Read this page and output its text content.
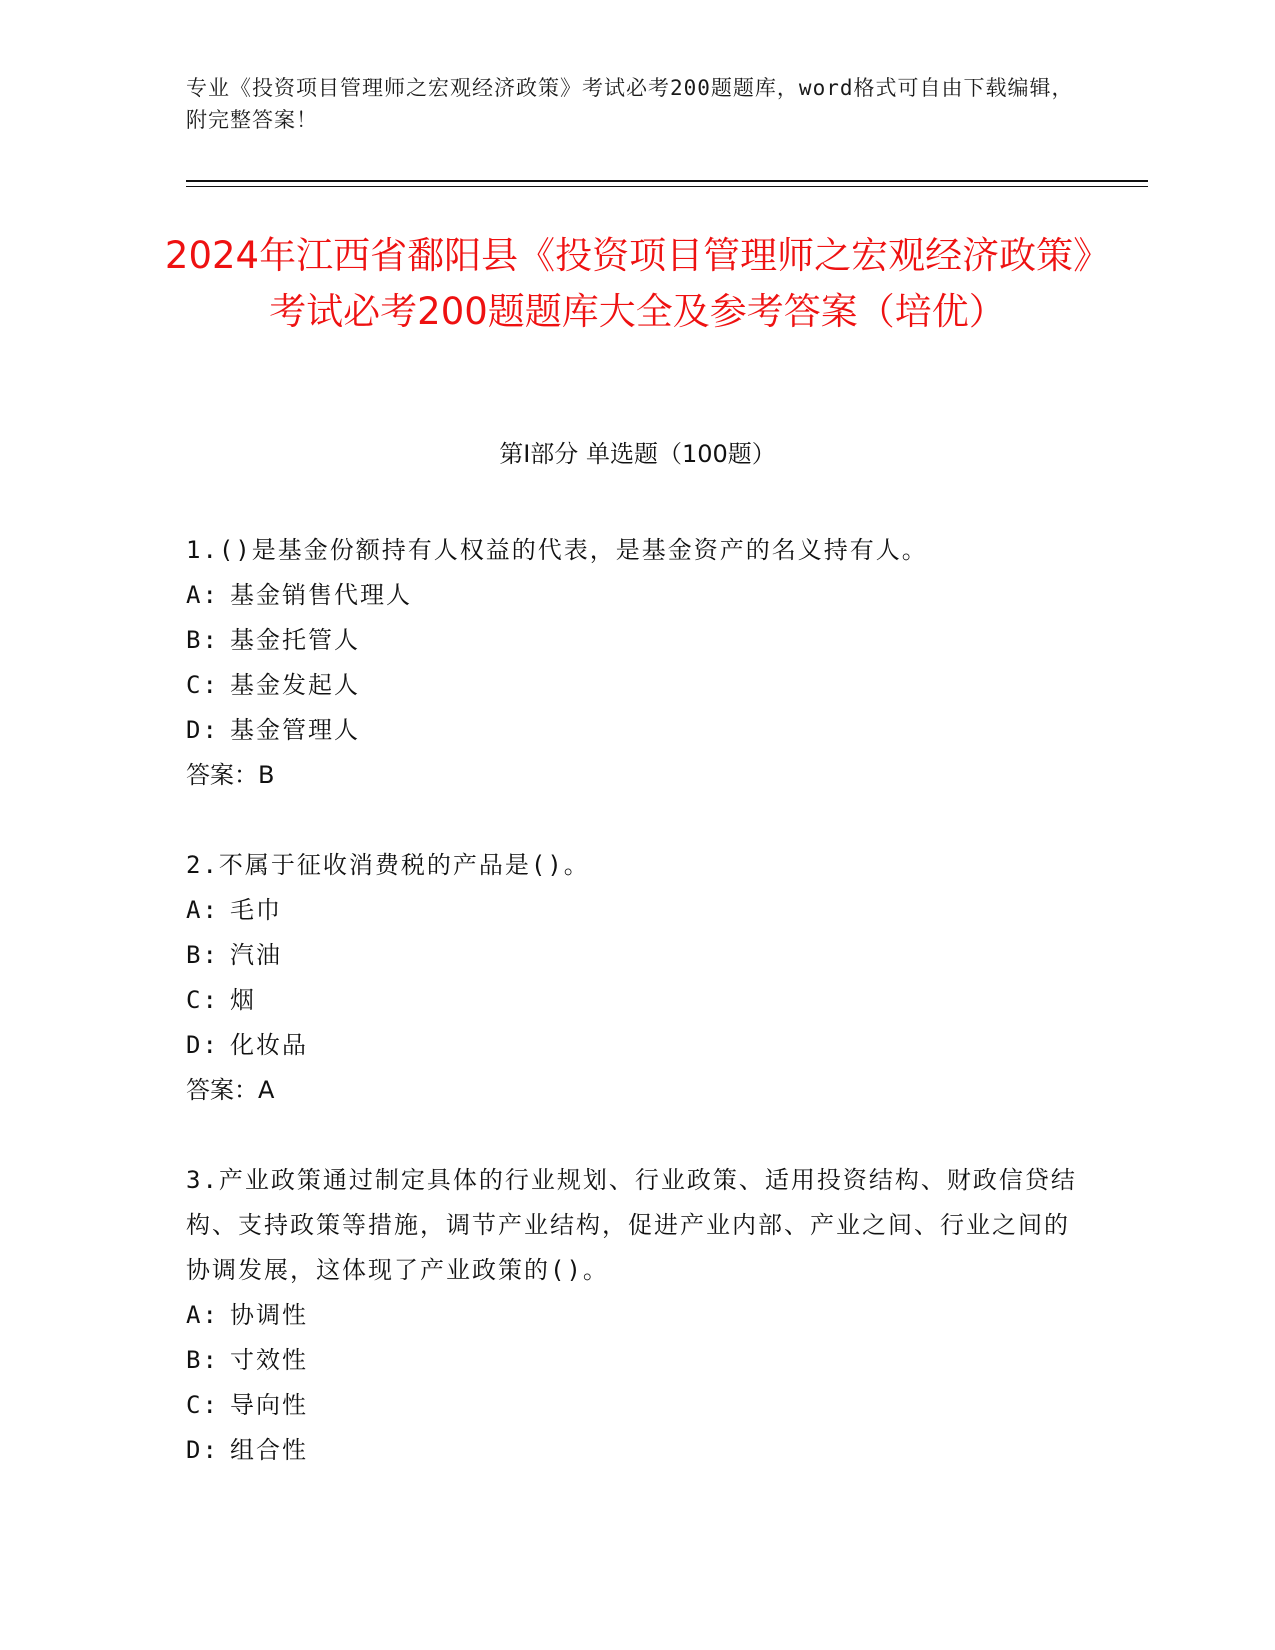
专业《投资项目管理师之宏观经济政策》考试必考200题题库，word格式可自由下载编辑，附完整答案！
2024年江西省鄱阳县《投资项目管理师之宏观经济政策》考试必考200题题库大全及参考答案（培优）
第I部分 单选题（100题）
1.()是基金份额持有人权益的代表，是基金资产的名义持有人。
A: 基金销售代理人
B: 基金托管人
C: 基金发起人
D: 基金管理人
答案：B
2.不属于征收消费税的产品是()。
A: 毛巾
B: 汽油
C: 烟
D: 化妆品
答案：A
3.产业政策通过制定具体的行业规划、行业政策、适用投资结构、财政信贷结构、支持政策等措施，调节产业结构，促进产业内部、产业之间、行业之间的协调发展，这体现了产业政策的()。
A: 协调性
B: 寸效性
C: 导向性
D: 组合性
